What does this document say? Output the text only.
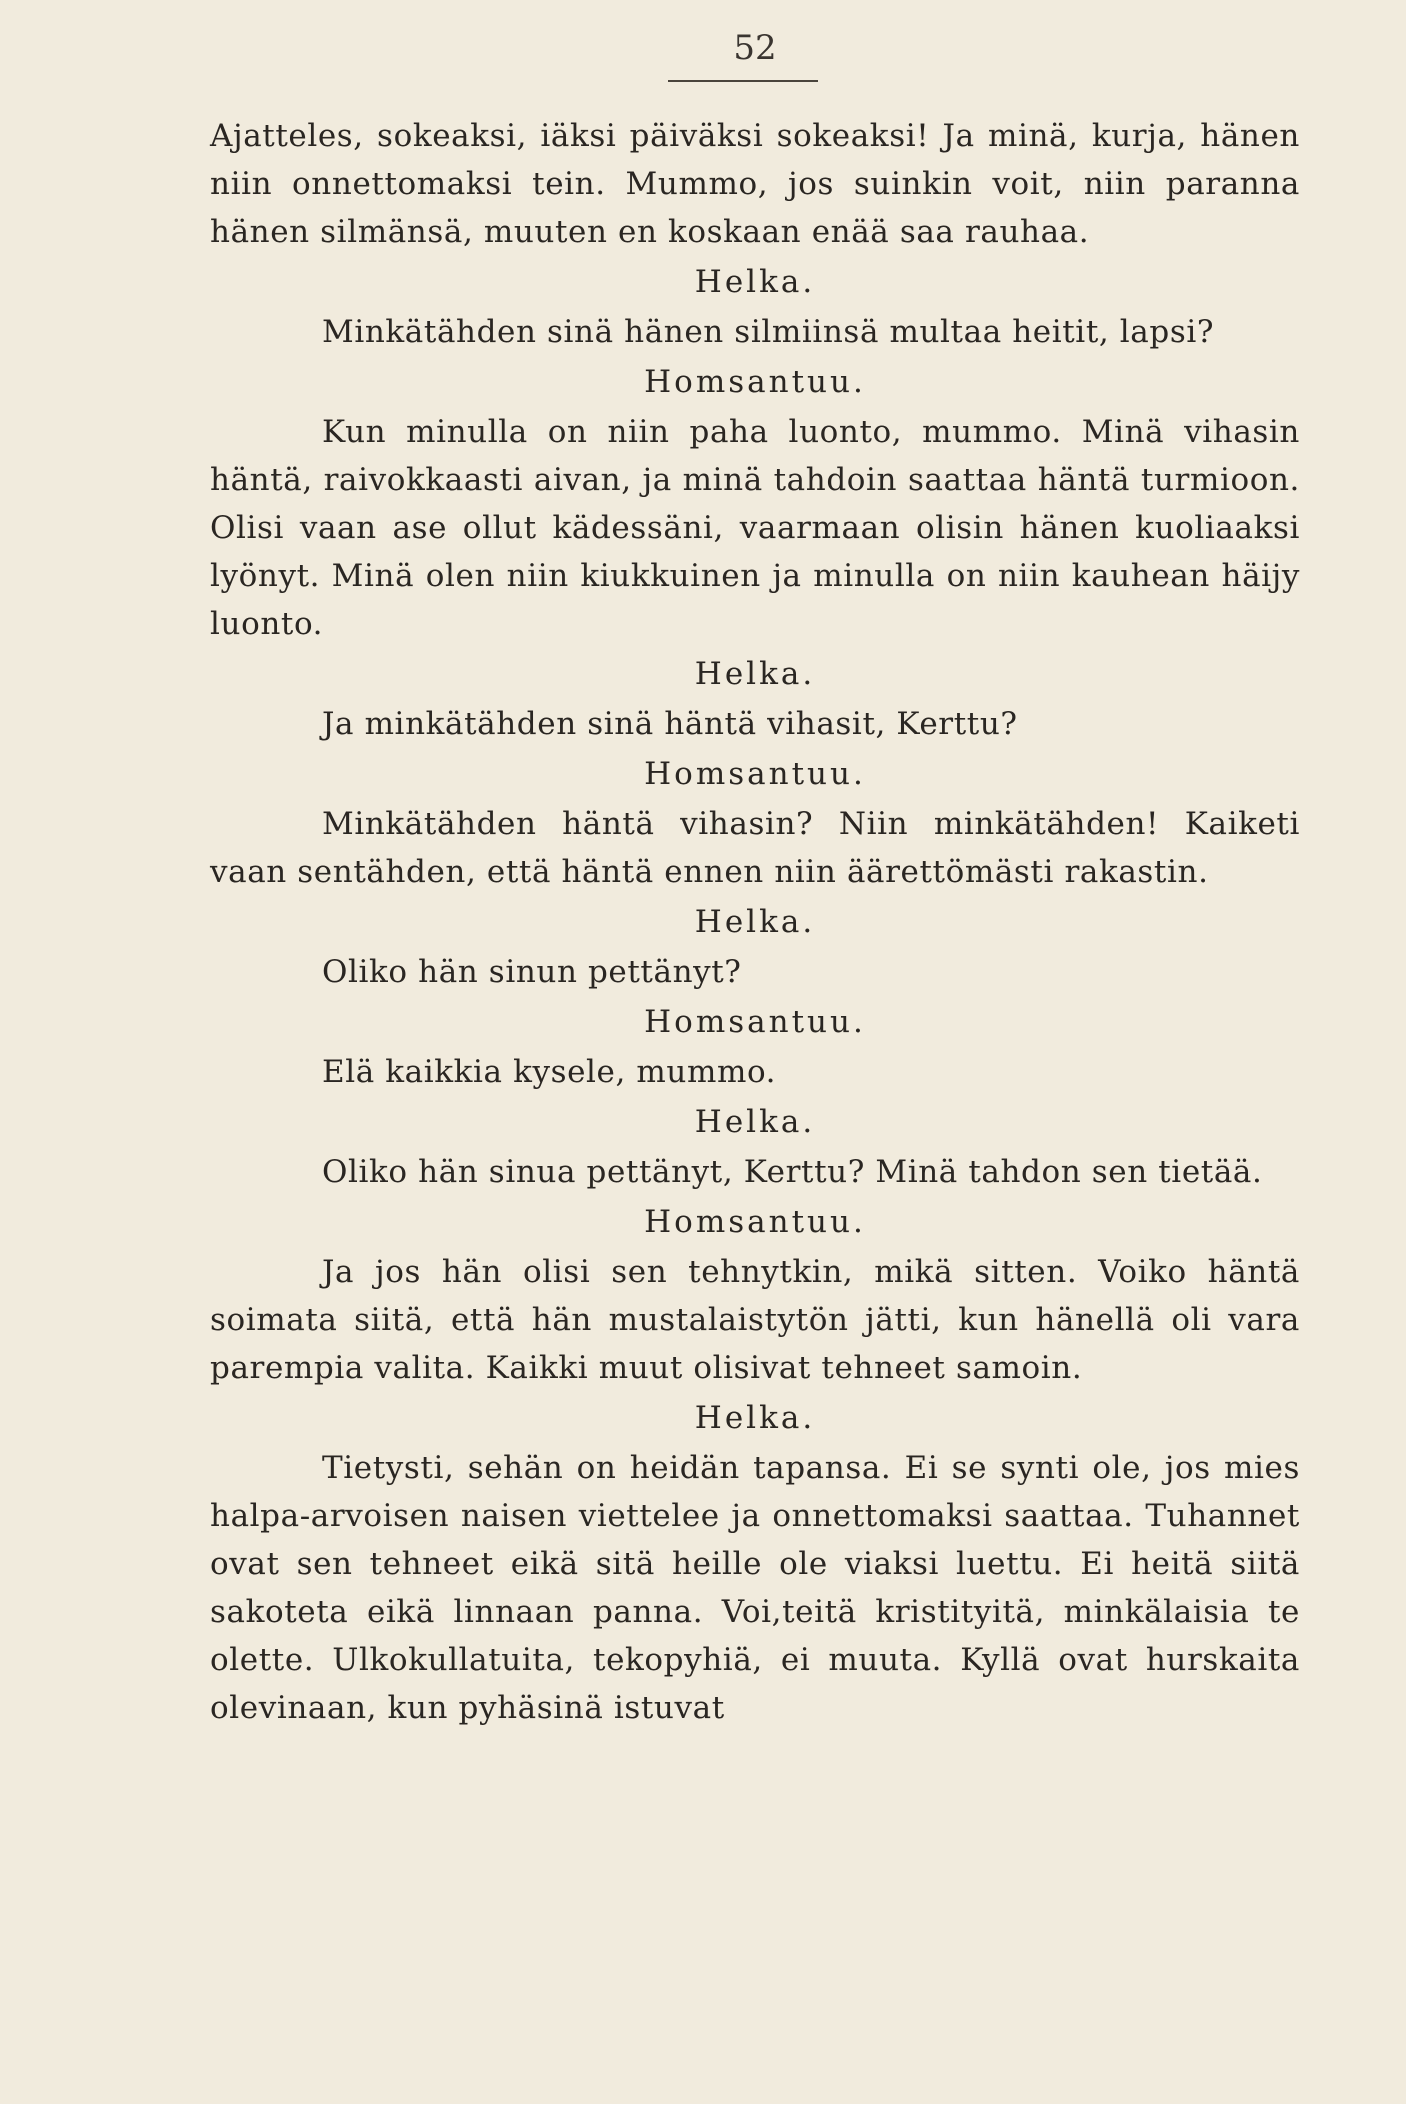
52

Ajatteles, sokeaksi, iäksi päiväksi sokeaksi! Ja minä, kurja, hänen niin onnettomaksi tein. Mummo, jos suinkin voit, niin paranna hänen silmänsä, muuten en koskaan enää saa rauhaa.

Helka.

Minkätähden sinä hänen silmiinsä multaa heitit, lapsi?

Homsantuu.

Kun minulla on niin paha luonto, mummo. Minä vihasin häntä, raivokkaasti aivan, ja minä tahdoin saattaa häntä turmioon. Olisi vaan ase ollut kädessäni, vaarmaan olisin hänen kuoliaaksi lyönyt. Minä olen niin kiukkuinen ja minulla on niin kauhean häijy luonto.

Helka.

Ja minkätähden sinä häntä vihasit, Kerttu?

Homsantuu.

Minkätähden häntä vihasin? Niin minkätähden! Kaiketi vaan sentähden, että häntä ennen niin äärettömästi rakastin.

Helka.

Oliko hän sinun pettänyt?

Homsantuu.

Elä kaikkia kysele, mummo.

Helka.

Oliko hän sinua pettänyt, Kerttu? Minä tahdon sen tietää.

Homsantuu.

Ja jos hän olisi sen tehnytkin, mikä sitten. Voiko häntä soimata siitä, että hän mustalaistytön jätti, kun hänellä oli vara parempia valita. Kaikki muut olisivat tehneet samoin.

Helka.

Tietysti, sehän on heidän tapansa. Ei se synti ole, jos mies halpa-arvoisen naisen viettelee ja onnettomaksi saattaa. Tuhannet ovat sen tehneet eikä sitä heille ole viaksi luettu. Ei heitä siitä sakoteta eikä linnaan panna. Voi,teitä kristityitä, minkälaisia te olette. Ulkokullatuita, tekopyhiä, ei muuta. Kyllä ovat hurskaita olevinaan, kun pyhäsinä istuvat
